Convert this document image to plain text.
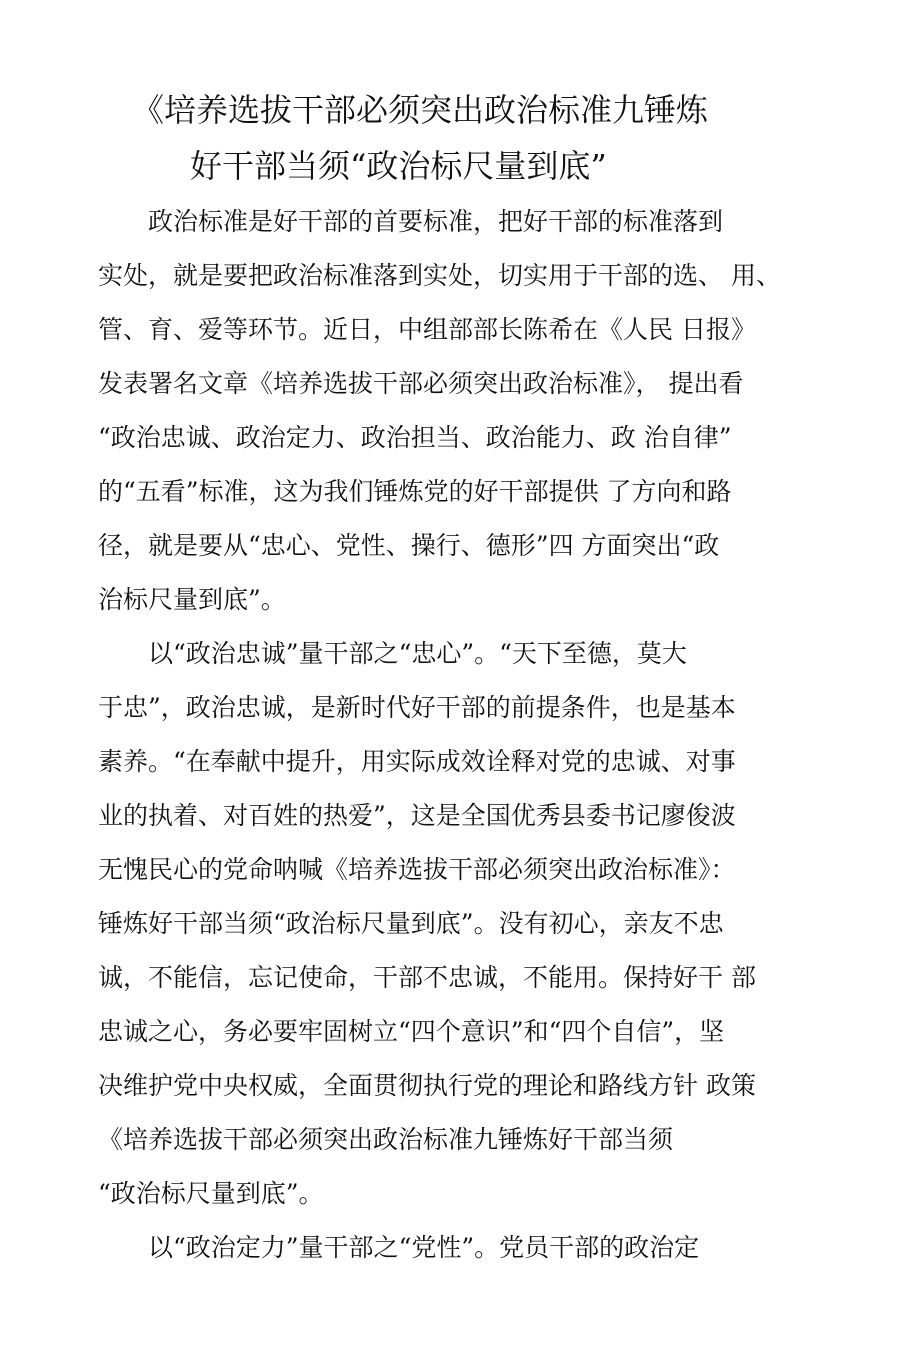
《培养选拔干部必须突出政治标准九锤炼
好干部当须“政治标尺量到底”
　　政治标准是好干部的首要标准，把好干部的标准落到
实处，就是要把政治标准落到实处，切实用于干部的选、 用、
管、育、爱等环节。近日，中组部部长陈希在《人民 日报》
发表署名文章《培养选拔干部必须突出政治标准》， 提出看
“政治忠诚、政治定力、政治担当、政治能力、政 治自律”
的“五看”标准，这为我们锤炼党的好干部提供 了方向和路
径，就是要从“忠心、党性、操行、德形”四 方面突出“政
治标尺量到底”。
　　以“政治忠诚”量干部之“忠心”。“天下至德，莫大
于忠”，政治忠诚，是新时代好干部的前提条件，也是基本
素养。“在奉献中提升，用实际成效诠释对党的忠诚、对事
业的执着、对百姓的热爱”，这是全国优秀县委书记廖俊波
无愧民心的党命呐喊《培养选拔干部必须突出政治标准》：
锤炼好干部当须“政治标尺量到底”。没有初心，亲友不忠
诚，不能信，忘记使命，干部不忠诚，不能用。保持好干 部
忠诚之心，务必要牢固树立“四个意识”和“四个自信”，坚
决维护党中央权威，全面贯彻执行党的理论和路线方针 政策
《培养选拔干部必须突出政治标准九锤炼好干部当须
“政治标尺量到底”。
　　以“政治定力”量干部之“党性”。党员干部的政治定
